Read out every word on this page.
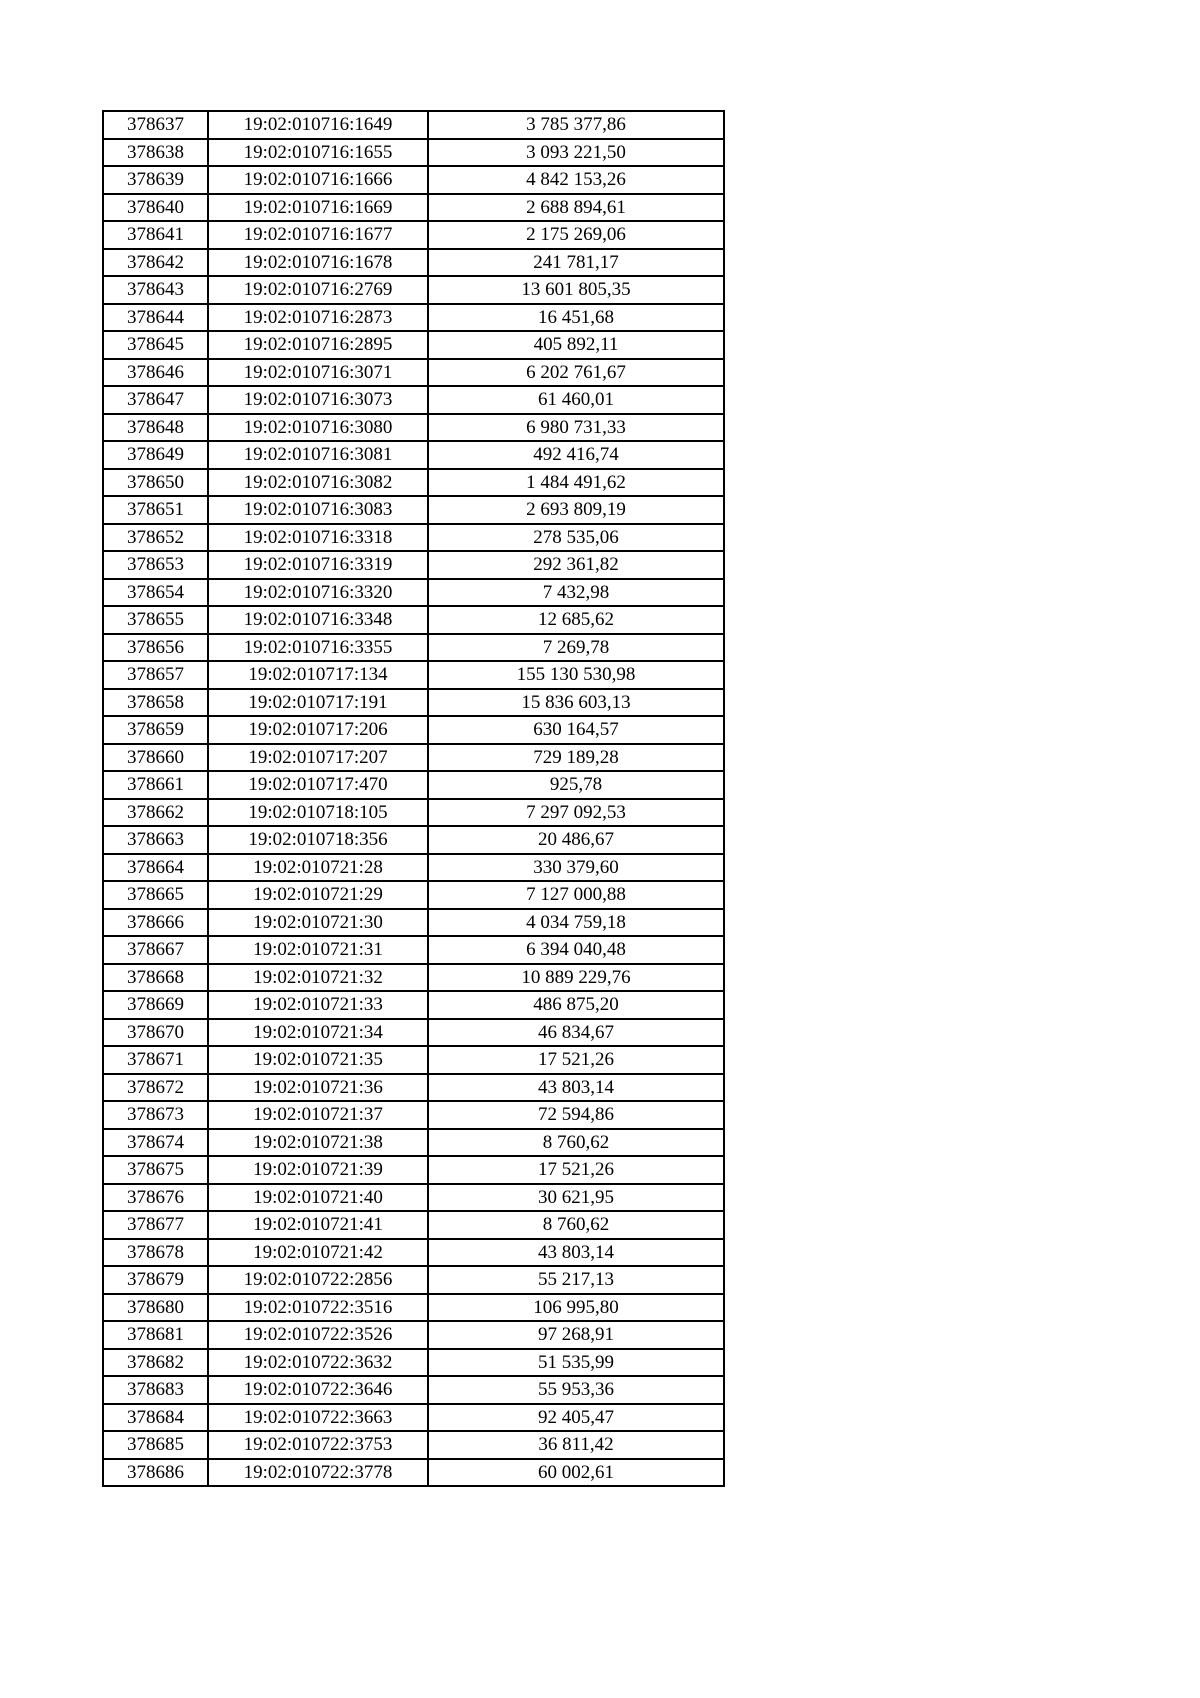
378637	19:02:010716:1649	3 785 377,86
378638	19:02:010716:1655	3 093 221,50
378639	19:02:010716:1666	4 842 153,26
378640	19:02:010716:1669	2 688 894,61
378641	19:02:010716:1677	2 175 269,06
378642	19:02:010716:1678	241 781,17
378643	19:02:010716:2769	13 601 805,35
378644	19:02:010716:2873	16 451,68
378645	19:02:010716:2895	405 892,11
378646	19:02:010716:3071	6 202 761,67
378647	19:02:010716:3073	61 460,01
378648	19:02:010716:3080	6 980 731,33
378649	19:02:010716:3081	492 416,74
378650	19:02:010716:3082	1 484 491,62
378651	19:02:010716:3083	2 693 809,19
378652	19:02:010716:3318	278 535,06
378653	19:02:010716:3319	292 361,82
378654	19:02:010716:3320	7 432,98
378655	19:02:010716:3348	12 685,62
378656	19:02:010716:3355	7 269,78
378657	19:02:010717:134	155 130 530,98
378658	19:02:010717:191	15 836 603,13
378659	19:02:010717:206	630 164,57
378660	19:02:010717:207	729 189,28
378661	19:02:010717:470	925,78
378662	19:02:010718:105	7 297 092,53
378663	19:02:010718:356	20 486,67
378664	19:02:010721:28	330 379,60
378665	19:02:010721:29	7 127 000,88
378666	19:02:010721:30	4 034 759,18
378667	19:02:010721:31	6 394 040,48
378668	19:02:010721:32	10 889 229,76
378669	19:02:010721:33	486 875,20
378670	19:02:010721:34	46 834,67
378671	19:02:010721:35	17 521,26
378672	19:02:010721:36	43 803,14
378673	19:02:010721:37	72 594,86
378674	19:02:010721:38	8 760,62
378675	19:02:010721:39	17 521,26
378676	19:02:010721:40	30 621,95
378677	19:02:010721:41	8 760,62
378678	19:02:010721:42	43 803,14
378679	19:02:010722:2856	55 217,13
378680	19:02:010722:3516	106 995,80
378681	19:02:010722:3526	97 268,91
378682	19:02:010722:3632	51 535,99
378683	19:02:010722:3646	55 953,36
378684	19:02:010722:3663	92 405,47
378685	19:02:010722:3753	36 811,42
378686	19:02:010722:3778	60 002,61
